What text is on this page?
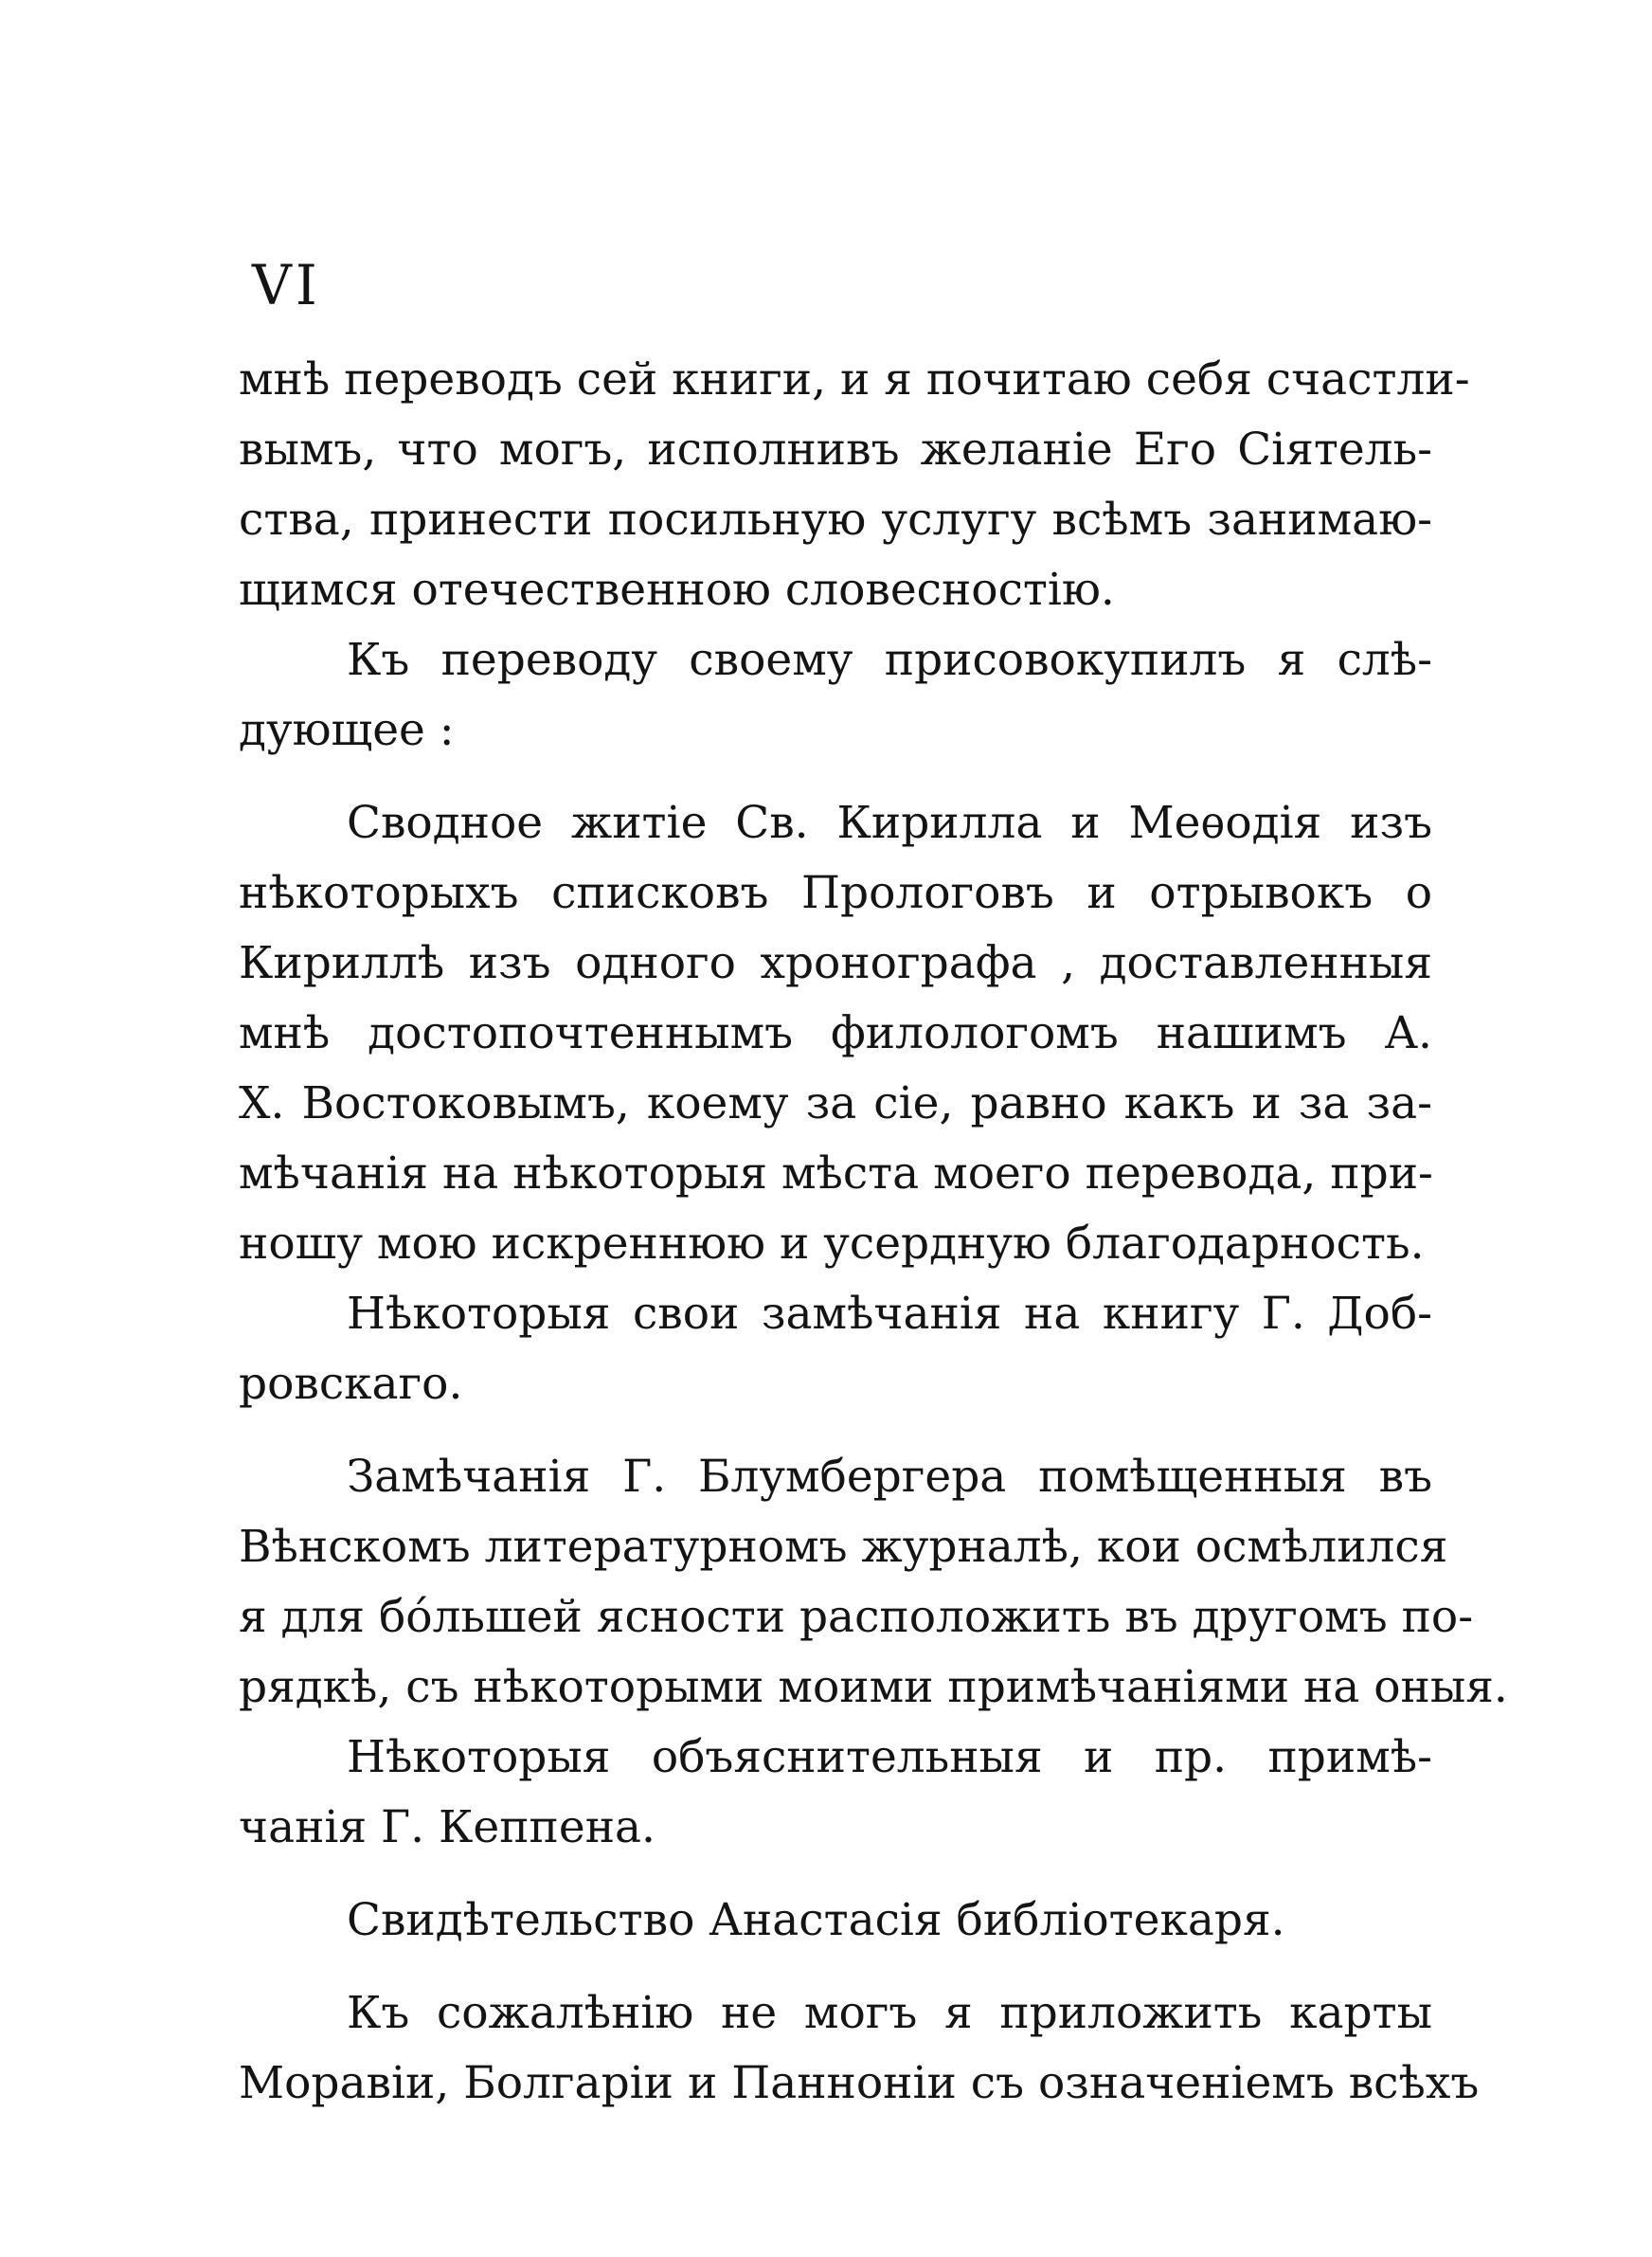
VI
мнѣ переводъ сей книги, и я почитаю себя счастли-
вымъ, что могъ, исполнивъ желаніе Его Сіятель-
ства, принести посильную услугу всѣмъ занимаю-
щимся отечественною словесностію.
Къ переводу своему присовокупилъ я слѣ-
дующее :
Сводное житіе Св. Кирилла и Меѳодія изъ
нѣкоторыхъ списковъ Прологовъ и отрывокъ о
Кириллѣ изъ одного хронографа , доставленныя
мнѣ достопочтеннымъ филологомъ нашимъ А.
Х. Востоковымъ, коему за сіе, равно какъ и за за-
мѣчанія на нѣкоторыя мѣста моего перевода, при-
ношу мою искреннюю и усердную благодарность.
Нѣкоторыя свои замѣчанія на книгу Г. Доб-
ровскаго.
Замѣчанія Г. Блумбергера помѣщенныя въ
Вѣнскомъ литературномъ журналѣ, кои осмѣлился
я для бо́льшей ясности расположить въ другомъ по-
рядкѣ, съ нѣкоторыми моими примѣчаніями на оныя.
Нѣкоторыя объяснительныя и пр. примѣ-
чанія Г. Кеппена.
Свидѣтельство Анастасія библіотекаря.
Къ сожалѣнію не могъ я приложить карты
Моравіи, Болгаріи и Панноніи съ означеніемъ всѣхъ
